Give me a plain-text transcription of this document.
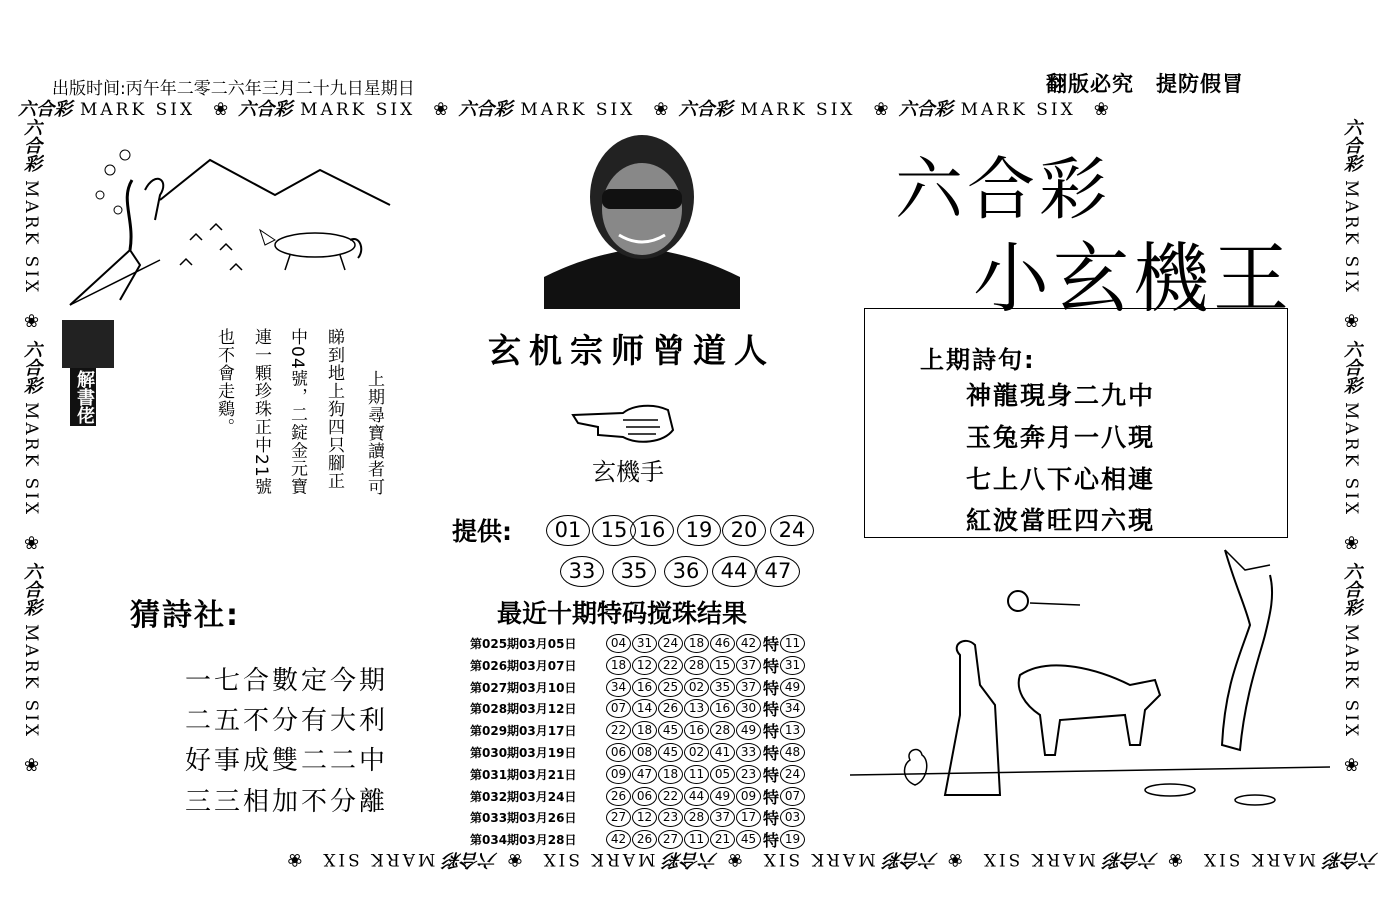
出版时间:丙午年二零二六年三月二十九日星期日	翻版必究 提防假冒
六合彩 MARK SIX ❀ 六合彩 MARK SIX ❀ 六合彩 MARK SIX ❀ 六合彩 MARK SIX ❀ 六合彩 MARK SIX ❀
六合彩MARK SIX❀六合彩MARK SIX❀六合彩MARK SIX❀六合彩MARK SIX❀六合彩MARK SIX❀
六合彩MARK SIX❀六合彩MARK SIX❀六合彩MARK SIX❀
六合彩MARK SIX❀六合彩MARK SIX❀六合彩MARK SIX❀
解書佬	上期尋寶讀者可
睇到地上狗四只腳正
中04號，二錠金元寶
連一顆珍珠正中21號
也不會走鷄。	玄机宗师曾道人
玄機手
提供:	01 15 16 19 20	24
33	35	36	44 47
最近十期特码搅珠结果
第025期03月05日	04 31 24 18 46 42 特 11
第026期03月07日	18 12 22 28 15 37 特 31
第027期03月10日	34 16 25 02 35 37 特 49
第028期03月12日	07 14 26 13 16 30 特 34
第029期03月17日	22 18 45 16 28 49 特 13
第030期03月19日	06 08 45 02 41 33 特 48
第031期03月21日	09 47 18 11 05 23 特 24
第032期03月24日	26 06 22 44 49 09 特 07
第033期03月26日	27 12 23 28 37 17 特 03
第034期03月28日	42 26 27 11 21 45 特 19
六合彩
小玄機王
上期詩句:
神龍現身二九中
玉兔奔月一八現
七上八下心相連
紅波當旺四六現
猜詩社:
一七合數定今期
二五不分有大利
好事成雙二二中
三三相加不分離
